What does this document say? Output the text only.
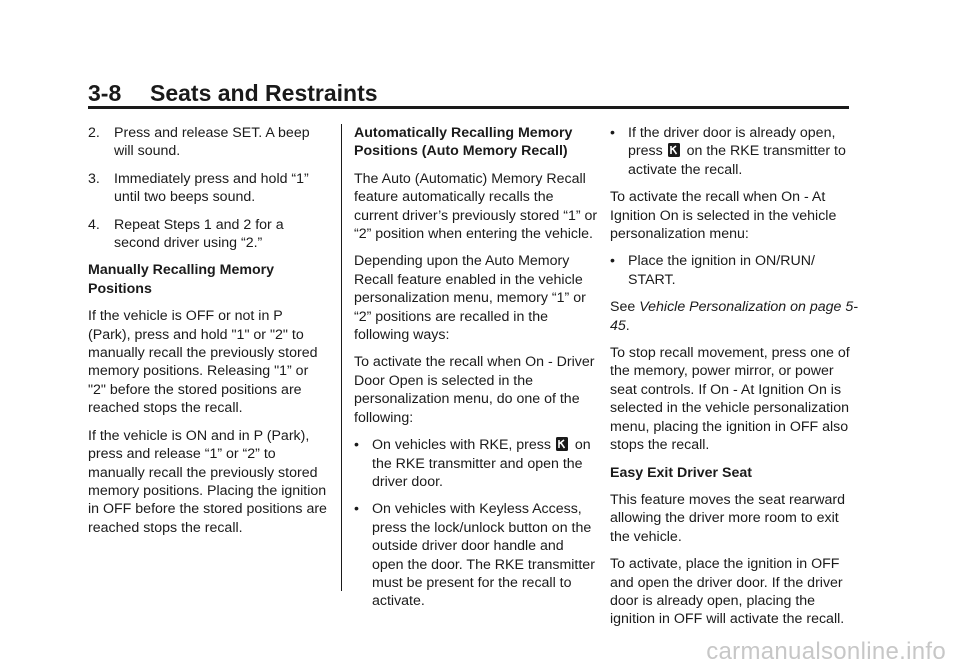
3-8 Seats and Restraints
2. Press and release SET. A beep will sound.
3. Immediately press and hold “1” until two beeps sound.
4. Repeat Steps 1 and 2 for a second driver using “2.”
Manually Recalling Memory Positions
If the vehicle is OFF or not in P (Park), press and hold "1" or "2" to manually recall the previously stored memory positions. Releasing "1” or "2" before the stored positions are reached stops the recall.
If the vehicle is ON and in P (Park), press and release “1” or “2” to manually recall the previously stored memory positions. Placing the ignition in OFF before the stored positions are reached stops the recall.
Automatically Recalling Memory Positions (Auto Memory Recall)
The Auto (Automatic) Memory Recall feature automatically recalls the current driver’s previously stored “1” or “2” position when entering the vehicle.
Depending upon the Auto Memory Recall feature enabled in the vehicle personalization menu, memory “1” or “2” positions are recalled in the following ways:
To activate the recall when On - Driver Door Open is selected in the personalization menu, do one of the following:
• On vehicles with RKE, press on the RKE transmitter and open the driver door.
• On vehicles with Keyless Access, press the lock/unlock button on the outside driver door handle and open the door. The RKE transmitter must be present for the recall to activate.
• If the driver door is already open, press on the RKE transmitter to activate the recall.
To activate the recall when On - At Ignition On is selected in the vehicle personalization menu:
• Place the ignition in ON/RUN/ START.
See Vehicle Personalization on page 5-45.
To stop recall movement, press one of the memory, power mirror, or power seat controls. If On - At Ignition On is selected in the vehicle personalization menu, placing the ignition in OFF also stops the recall.
Easy Exit Driver Seat
This feature moves the seat rearward allowing the driver more room to exit the vehicle.
To activate, place the ignition in OFF and open the driver door. If the driver door is already open, placing the ignition in OFF will activate the recall.
carmanualsonline.info
